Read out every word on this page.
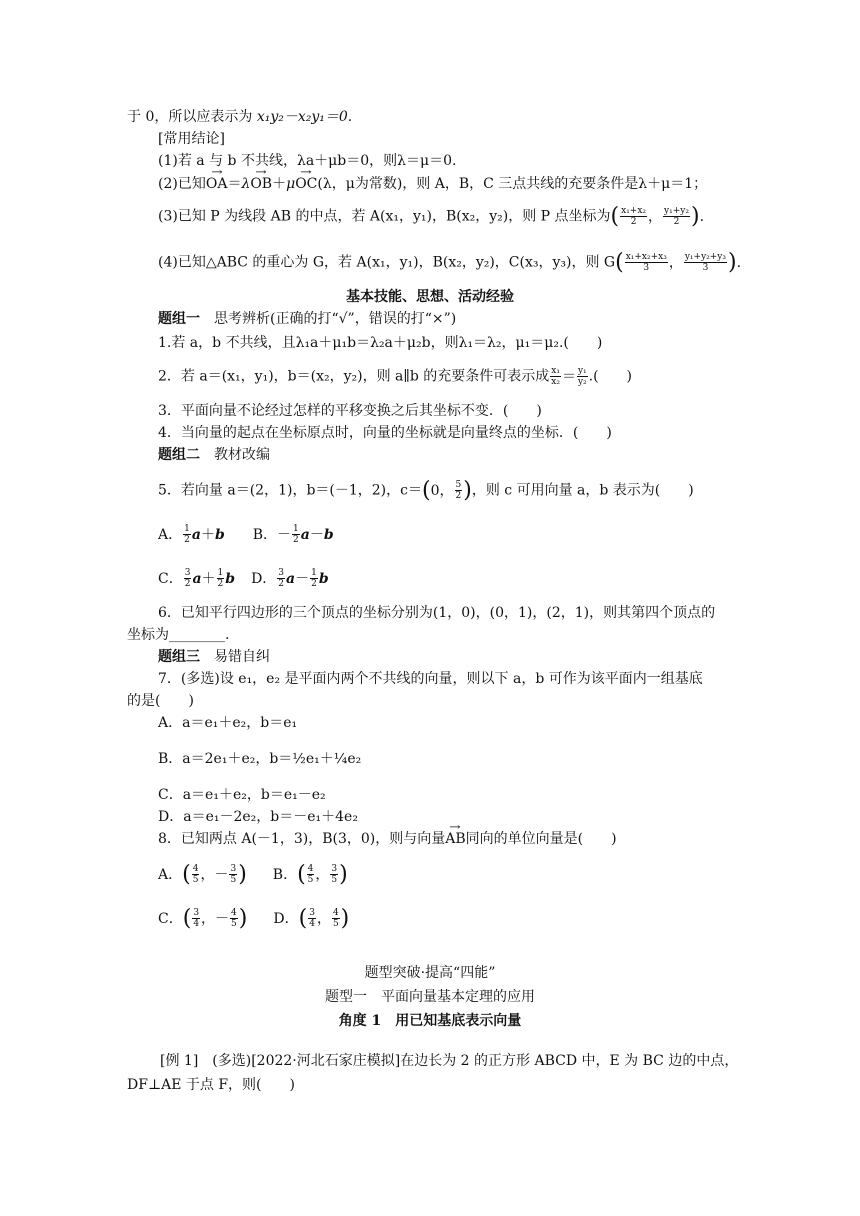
于 0，所以应表示为 x₁y₂－x₂y₁＝0.
[常用结论]
(1)若 a 与 b 不共线，λa＋μb＝0，则λ＝μ＝0.
(2)已知→ OA＝λ→ OB＋μ→ OC(λ，μ为常数)，则 A，B，C 三点共线的充要条件是λ＋μ＝1；
(3)已知 P 为线段 AB 的中点，若 A(x₁，y₁)，B(x₂，y₂)，则 P 点坐标为( $\frac{\text{x₁+x₂}}{2}$ ， $\frac{\text{y₁+y₂}}{2}$ ).
(4)已知△ABC 的重心为 G，若 A(x₁，y₁)，B(x₂，y₂)，C(x₃，y₃)，则 $G( \frac{\text{x₁+x₂+x₃}}{3}$ ， $\frac{\text{y₁+y₂+y₃}}{3}$ ).
基本技能、思想、活动经验
题组一　 思考辨析(正确的打“√”，错误的打“×”)
1.若 a，b 不共线，且λ₁a＋μ₁b＝λ₂a＋μ₂b，则λ₁＝λ₂，μ₁＝μ₂.(　　)
2．若 a＝(x₁，y₁)，b＝(x₂，y₂)，则 a∥b 的充要条件可表示成 $\frac{\text{x₁}}{\text{x₂}} = \frac{\text{y₁}}{\text{y₂}}$ .(　　)
3．平面向量不论经过怎样的平移变换之后其坐标不变．(　　)
4．当向量的起点在坐标原点时，向量的坐标就是向量终点的坐标．(　　)
题组二　 教材改编
5．若向量 a＝(2，1)，b＝(－1，2)，c＝(0， $\frac{5}{2}$ )，则 c 可用向量 a，b 表示为(　　)
A． $\frac{1}{2} a+b$ B．－ $\frac{1}{2} a-b$
C． $\frac{3}{2} a+ \frac{1}{2}$ b D． $\frac{3}{2} a- \frac{1}{2}$ b
6．已知平行四边形的三个顶点的坐标分别为(1，0)，(0，1)，(2，1)，则其第四个顶点的
坐标为________.
题组三　 易错自纠
7．(多选)设 e₁，e₂ 是平面内两个不共线的向量，则以下 a，b 可作为该平面内一组基底
的是(　　)
A．a＝e₁＋e₂，b＝e₁
B．a＝2e₁＋e₂，b＝½e₁＋¼e₂
C．a＝e₁＋e₂，b＝e₁－e₂
D．a＝e₁－2e₂，b＝－e₁＋4e₂
8．已知两点 A(－1，3)，B(3，0)，则与向量→ AB同向的单位向量是(　　)
A．( $\frac{4}{5}$ ，－ $\frac{3}{5}$ ) B．( $\frac{4}{5}$ ， $\frac{3}{5}$ )
C．( $\frac{3}{4}$ ，－ $\frac{4}{5}$ ) D．( $\frac{3}{4}$ ， $\frac{4}{5}$ )
题型突破·提高“四能”
题型一　平面向量基本定理的应用
角度 1　用已知基底表示向量
[例 1]　 (多选)[2022·河北石家庄模拟]在边长为 2 的正方形 ABCD 中，E 为 BC 边的中点，
DF⊥AE 于点 F，则(　　)
